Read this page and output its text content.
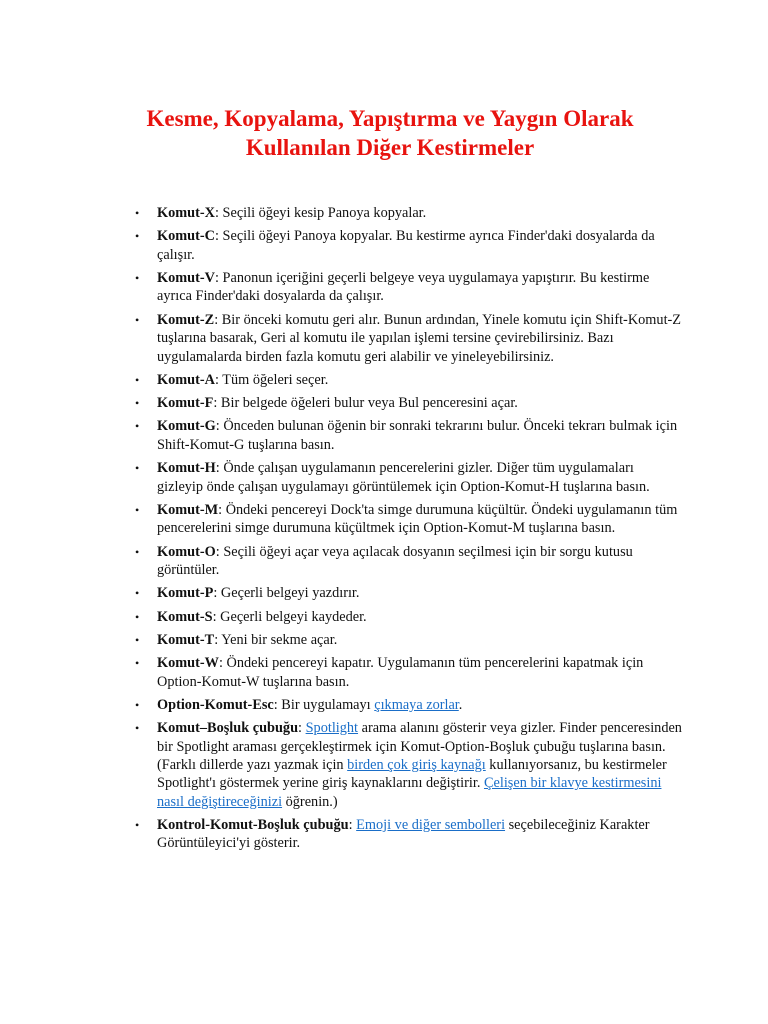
Kesme, Kopyalama, Yapıştırma ve Yaygın Olarak
Kullanılan Diğer Kestirmeler
• Komut-X: Seçili öğeyi kesip Panoya kopyalar.
• Komut-C: Seçili öğeyi Panoya kopyalar. Bu kestirme ayrıca Finder'daki dosyalarda da çalışır.
• Komut-V: Panonun içeriğini geçerli belgeye veya uygulamaya yapıştırır. Bu kestirme ayrıca Finder'daki dosyalarda da çalışır.
• Komut-Z: Bir önceki komutu geri alır. Bunun ardından, Yinele komutu için Shift-Komut-Z tuşlarına basarak, Geri al komutu ile yapılan işlemi tersine çevirebilirsiniz. Bazı uygulamalarda birden fazla komutu geri alabilir ve yineleyebilirsiniz.
• Komut-A: Tüm öğeleri seçer.
• Komut-F: Bir belgede öğeleri bulur veya Bul penceresini açar.
• Komut-G: Önceden bulunan öğenin bir sonraki tekrarını bulur. Önceki tekrarı bulmak için Shift-Komut-G tuşlarına basın.
• Komut-H: Önde çalışan uygulamanın pencerelerini gizler. Diğer tüm uygulamaları gizleyip önde çalışan uygulamayı görüntülemek için Option-Komut-H tuşlarına basın.
• Komut-M: Öndeki pencereyi Dock'ta simge durumuna küçültür. Öndeki uygulamanın tüm pencerelerini simge durumuna küçültmek için Option-Komut-M tuşlarına basın.
• Komut-O: Seçili öğeyi açar veya açılacak dosyanın seçilmesi için bir sorgu kutusu görüntüler.
• Komut-P: Geçerli belgeyi yazdırır.
• Komut-S: Geçerli belgeyi kaydeder.
• Komut-T: Yeni bir sekme açar.
• Komut-W: Öndeki pencereyi kapatır. Uygulamanın tüm pencerelerini kapatmak için Option-Komut-W tuşlarına basın.
• Option-Komut-Esc: Bir uygulamayı çıkmaya zorlar.
• Komut–Boşluk çubuğu: Spotlight arama alanını gösterir veya gizler. Finder penceresinden bir Spotlight araması gerçekleştirmek için Komut-Option-Boşluk çubuğu tuşlarına basın. (Farklı dillerde yazı yazmak için birden çok giriş kaynağı kullanıyorsanız, bu kestirmeler Spotlight'ı göstermek yerine giriş kaynaklarını değiştirir. Çelişen bir klavye kestirmesini nasıl değiştireceğinizi öğrenin.)
• Kontrol-Komut-Boşluk çubuğu: Emoji ve diğer sembolleri seçebileceğiniz Karakter Görüntüleyici'yi gösterir.
